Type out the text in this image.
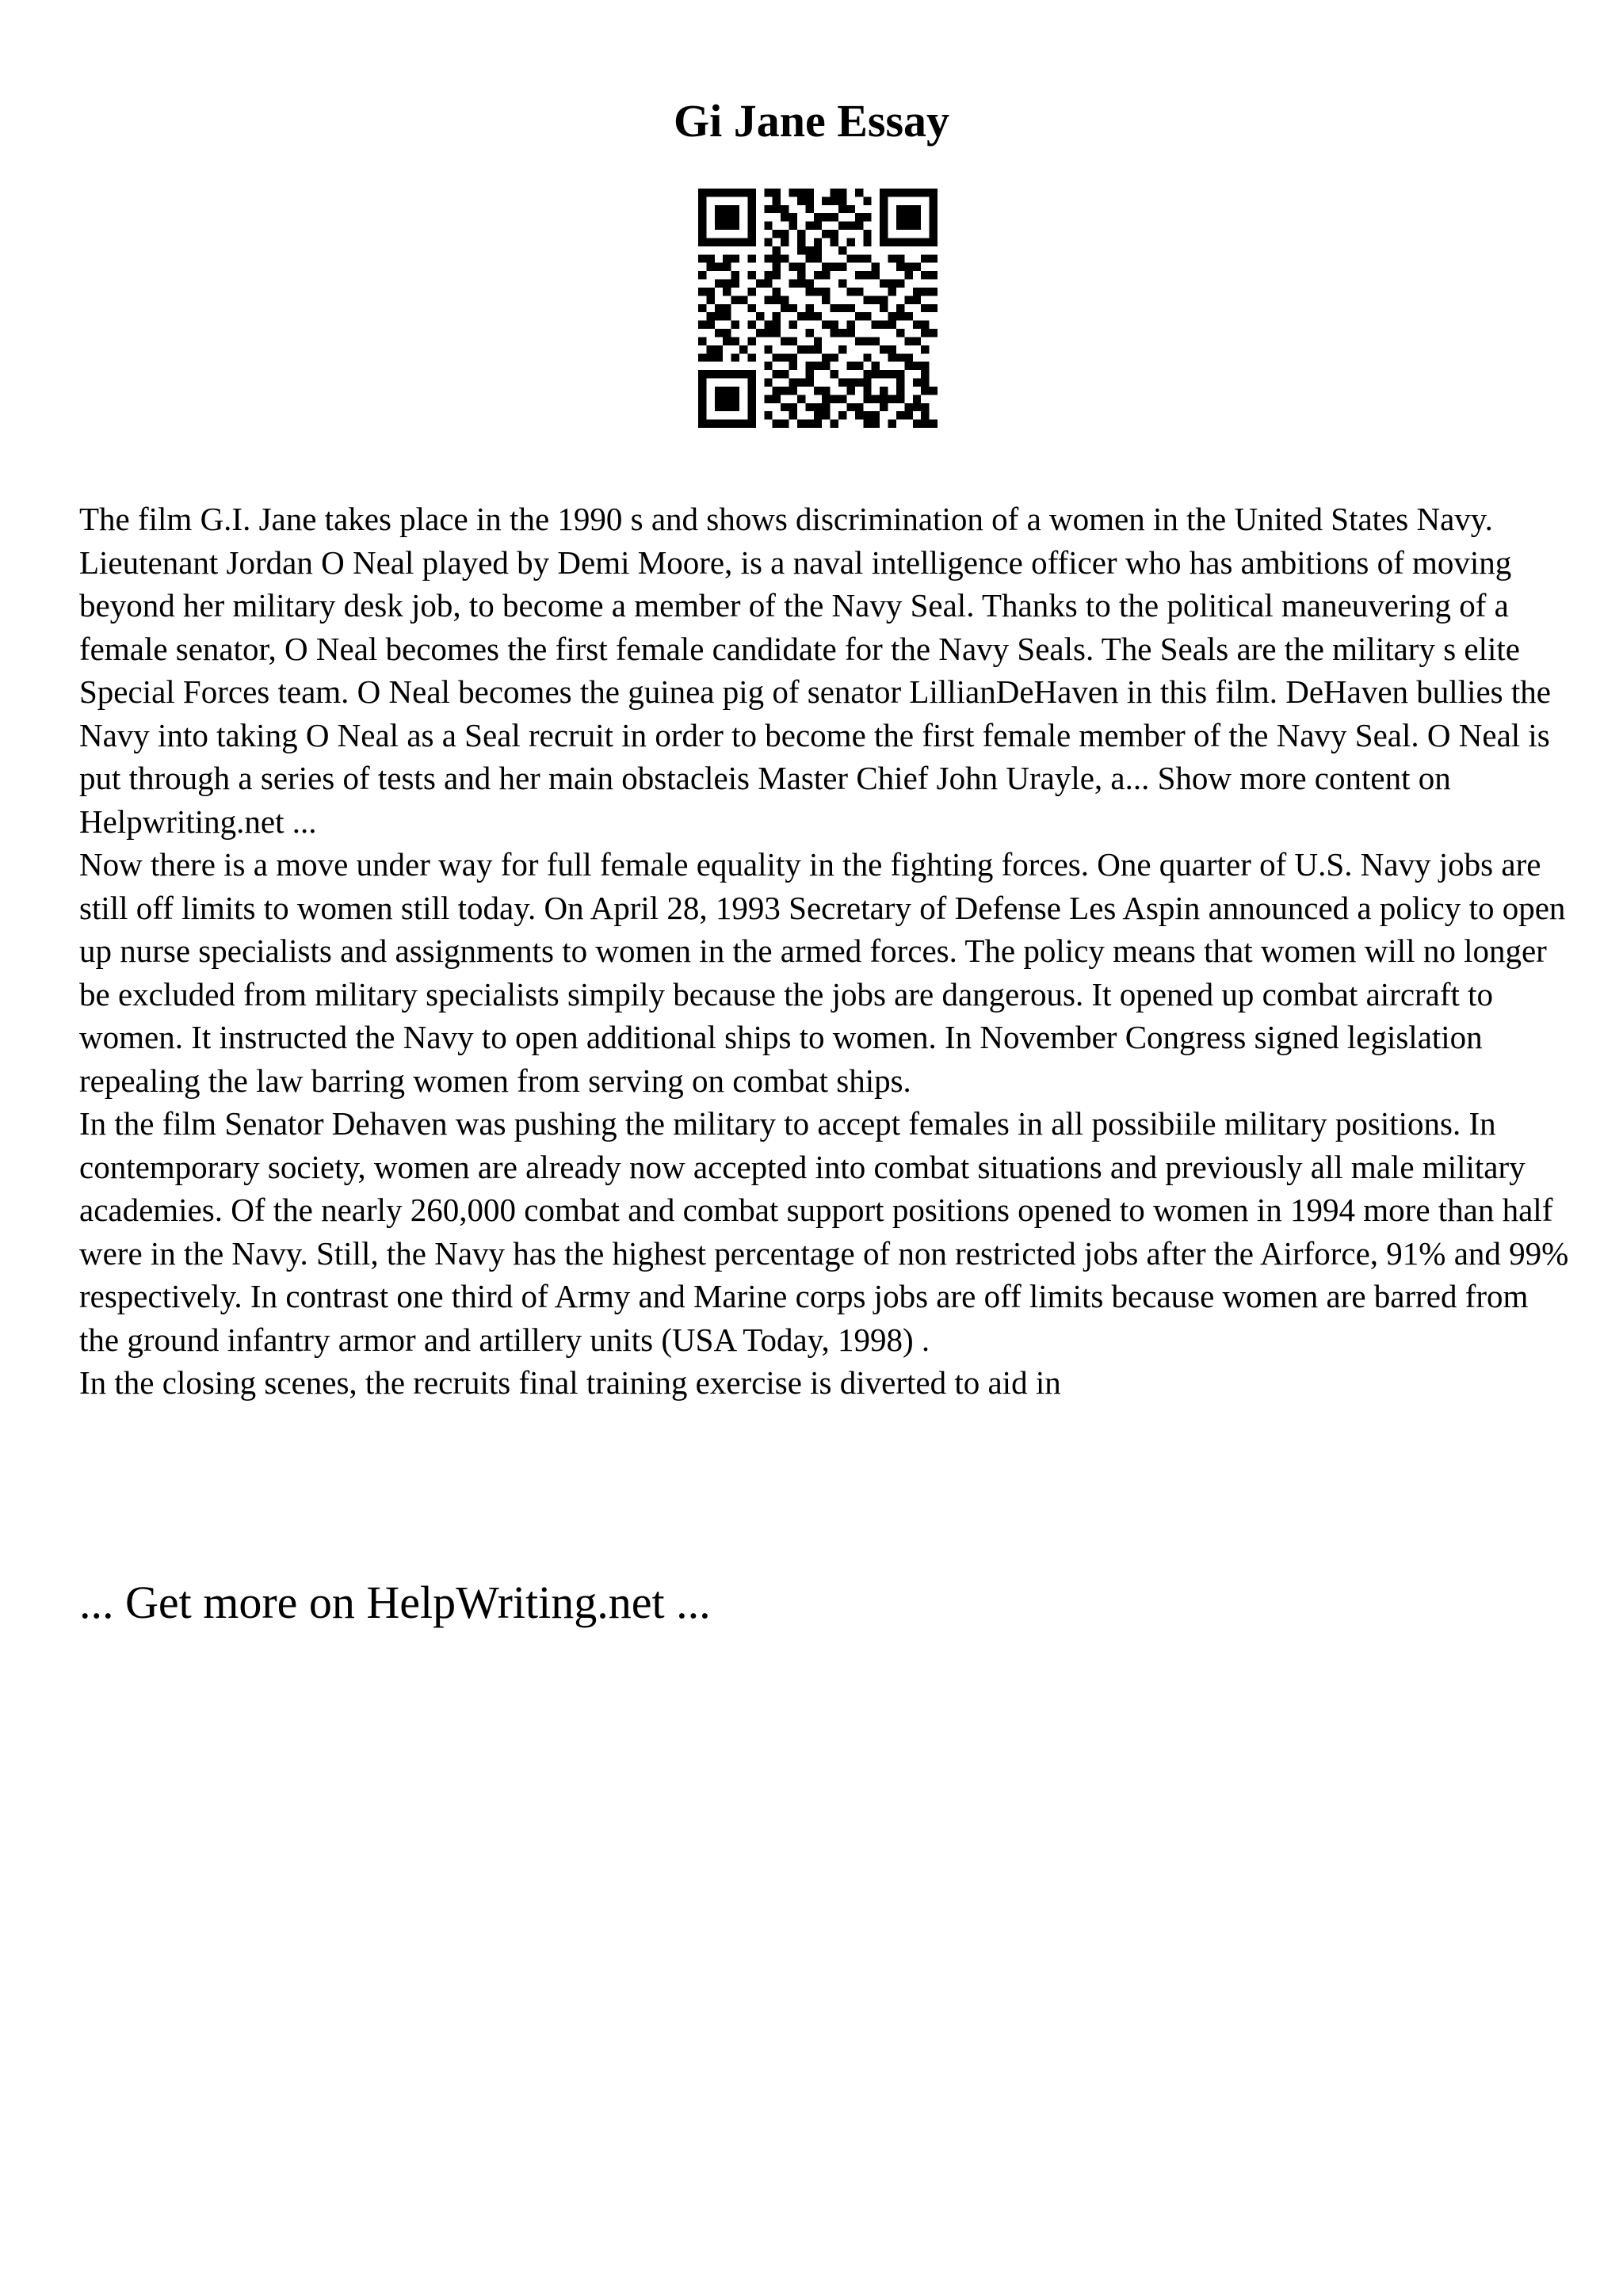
Gi Jane Essay

The film G.I. Jane takes place in the 1990 s and shows discrimination of a women in the United States Navy. Lieutenant Jordan O Neal played by Demi Moore, is a naval intelligence officer who has ambitions of moving beyond her military desk job, to become a member of the Navy Seal. Thanks to the political maneuvering of a female senator, O Neal becomes the first female candidate for the Navy Seals. The Seals are the military s elite Special Forces team. O Neal becomes the guinea pig of senator LillianDeHaven in this film. DeHaven bullies the Navy into taking O Neal as a Seal recruit in order to become the first female member of the Navy Seal. O Neal is put through a series of tests and her main obstacleis Master Chief John Urayle, a... Show more content on Helpwriting.net ...

Now there is a move under way for full female equality in the fighting forces. One quarter of U.S. Navy jobs are still off limits to women still today. On April 28, 1993 Secretary of Defense Les Aspin announced a policy to open up nurse specialists and assignments to women in the armed forces. The policy means that women will no longer be excluded from military specialists simpily because the jobs are dangerous. It opened up combat aircraft to women. It instructed the Navy to open additional ships to women. In November Congress signed legislation repealing the law barring women from serving on combat ships.

In the film Senator Dehaven was pushing the military to accept females in all possibiile military positions. In contemporary society, women are already now accepted into combat situations and previously all male military academies. Of the nearly 260,000 combat and combat support positions opened to women in 1994 more than half were in the Navy. Still, the Navy has the highest percentage of non restricted jobs after the Airforce, 91% and 99% respectively. In contrast one third of Army and Marine corps jobs are off limits because women are barred from the ground infantry armor and artillery units (USA Today, 1998) .

In the closing scenes, the recruits final training exercise is diverted to aid in

... Get more on HelpWriting.net ...
